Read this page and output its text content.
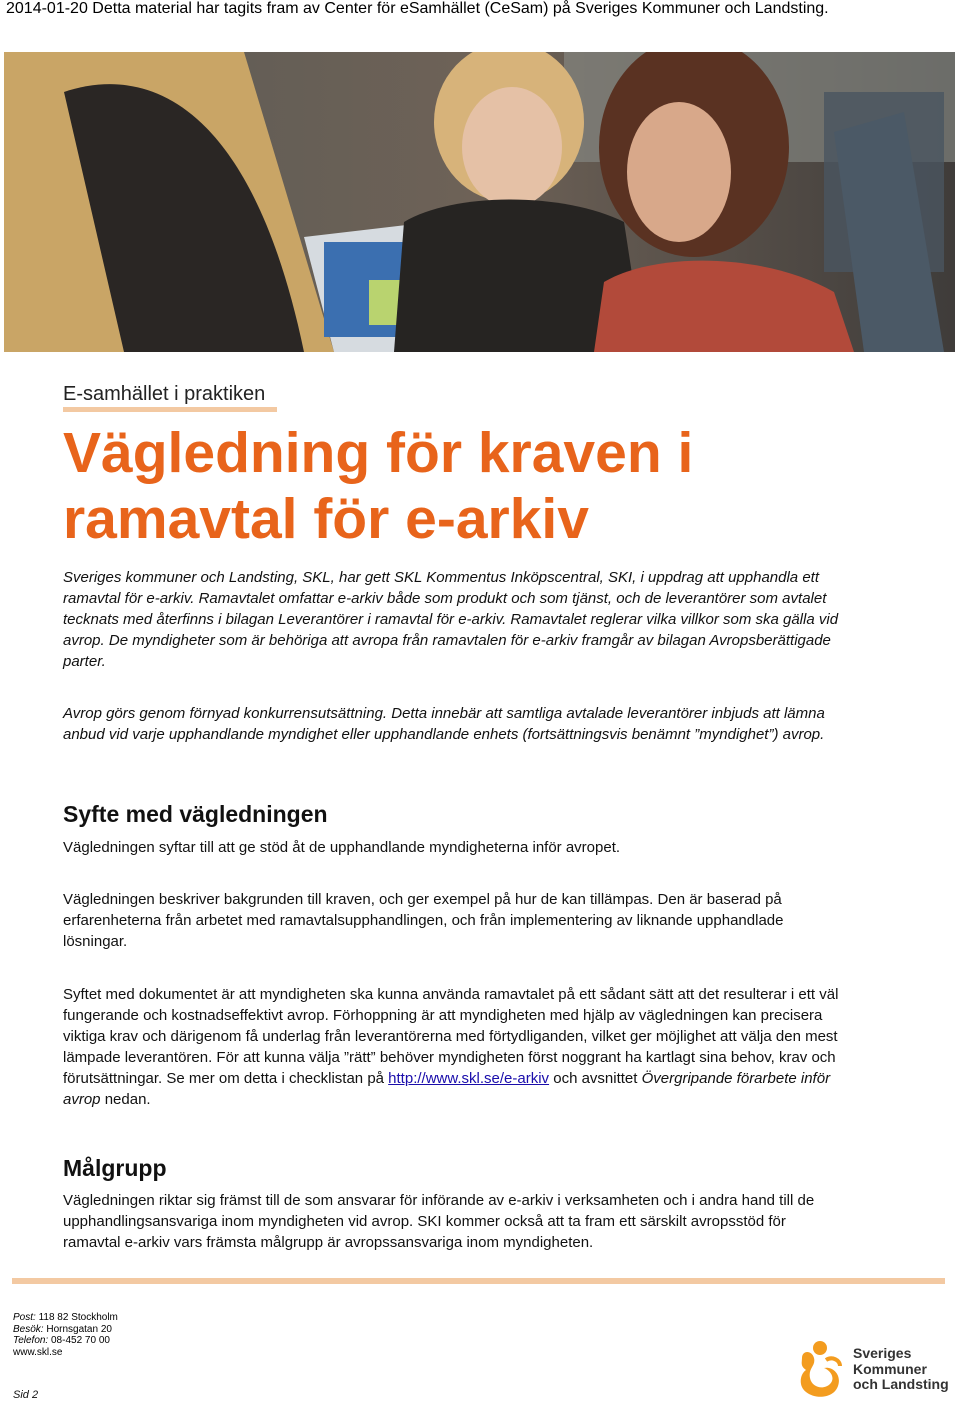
2014-01-20 Detta material har tagits fram av Center för eSamhället (CeSam) på Sveriges Kommuner och Landsting.
E-samhället i praktiken
Vägledning för kraven i ramavtal för e-arkiv

Sveriges kommuner och Landsting, SKL, har gett SKL Kommentus Inköpscentral, SKI, i uppdrag att upphandla ett ramavtal för e-arkiv. Ramavtalet omfattar e-arkiv både som produkt och som tjänst, och de leverantörer som avtalet tecknats med återfinns i bilagan Leverantörer i ramavtal för e-arkiv. Ramavtalet reglerar vilka villkor som ska gälla vid avrop. De myndigheter som är behöriga att avropa från ramavtalen för e-arkiv framgår av bilagan Avropsberättigade parter.

Avrop görs genom förnyad konkurrensutsättning. Detta innebär att samtliga avtalade leverantörer inbjuds att lämna anbud vid varje upphandlande myndighet eller upphandlande enhets (fortsättningsvis benämnt ”myndighet”) avrop.

Syfte med vägledningen

Vägledningen syftar till att ge stöd åt de upphandlande myndigheterna inför avropet.

Vägledningen beskriver bakgrunden till kraven, och ger exempel på hur de kan tillämpas. Den är baserad på erfarenheterna från arbetet med ramavtalsupphandlingen, och från implementering av liknande upphandlade lösningar.

Syftet med dokumentet är att myndigheten ska kunna använda ramavtalet på ett sådant sätt att det resulterar i ett väl fungerande och kostnadseffektivt avrop. Förhoppning är att myndigheten med hjälp av vägledningen kan precisera viktiga krav och därigenom få underlag från leverantörerna med förtydliganden, vilket ger möjlighet att välja den mest lämpade leverantören. För att kunna välja ”rätt” behöver myndigheten först noggrant ha kartlagt sina behov, krav och förutsättningar. Se mer om detta i checklistan på http://www.skl.se/e-arkiv och avsnittet Övergripande förarbete inför avrop nedan.

Målgrupp

Vägledningen riktar sig främst till de som ansvarar för införande av e-arkiv i verksamheten och i andra hand till de upphandlingsansvariga inom myndigheten vid avrop. SKI kommer också att ta fram ett särskilt avropsstöd för ramavtal e-arkiv vars främsta målgrupp är avropssansvariga inom myndigheten.

Post: 118 82 Stockholm
Besök: Hornsgatan 20
Telefon: 08-452 70 00
www.skl.se
Sid 2
Sveriges
Kommuner
och Landsting
